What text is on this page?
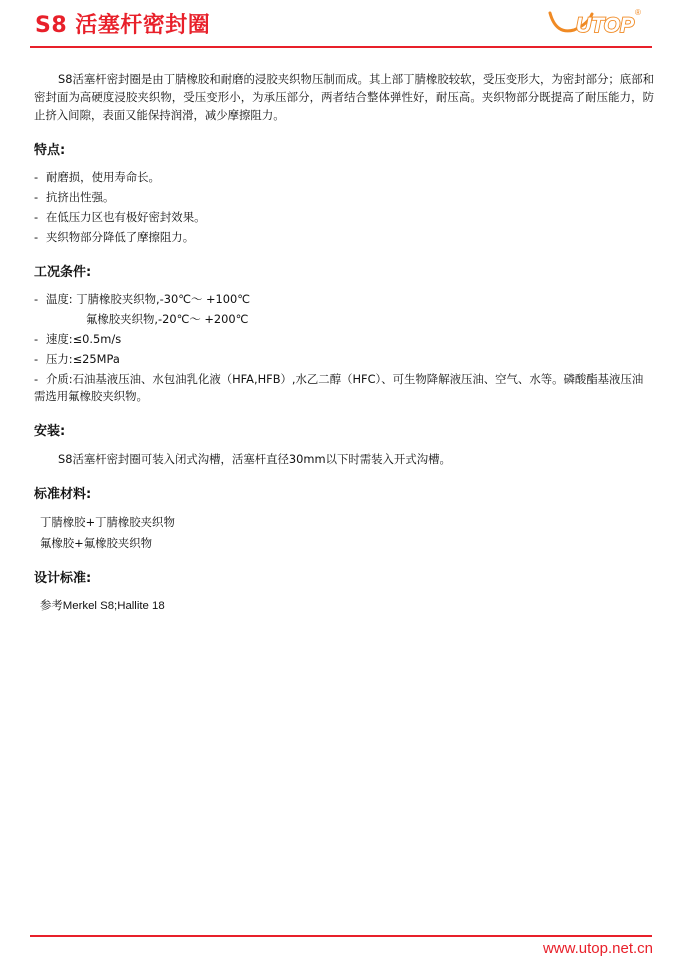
S8 活塞杆密封圈	UTOP
®

S8活塞杆密封圈是由丁腈橡胶和耐磨的浸胶夹织物压制而成。其上部丁腈橡胶较软，受压变形大，为密封部分；底部和密封面为高硬度浸胶夹织物，受压变形小，为承压部分，两者结合整体弹性好，耐压高。夹织物部分既提高了耐压能力，防止挤入间隙，表面又能保持润滑，减少摩擦阻力。

特点:
- 耐磨损，使用寿命长。
- 抗挤出性强。
- 在低压力区也有极好密封效果。
- 夹织物部分降低了摩擦阻力。
工况条件:
- 温度: 丁腈橡胶夹织物,-30℃～ +100℃
氟橡胶夹织物,-20℃～ +200℃
- 速度:≤0.5m/s
- 压力:≤25MPa
- 介质:石油基液压油、水包油乳化液（HFA,HFB）,水乙二醇（HFC）、可生物降解液压油、空气、水等。磷酸酯基液压油需选用氟橡胶夹织物。
安装:

S8活塞杆密封圈可装入闭式沟槽，活塞杆直径30mm以下时需装入开式沟槽。

标准材料:

丁腈橡胶+丁腈橡胶夹织物

氟橡胶+氟橡胶夹织物

设计标准:

参考Merkel S8;Hallite 18

www.utop.net.cn
